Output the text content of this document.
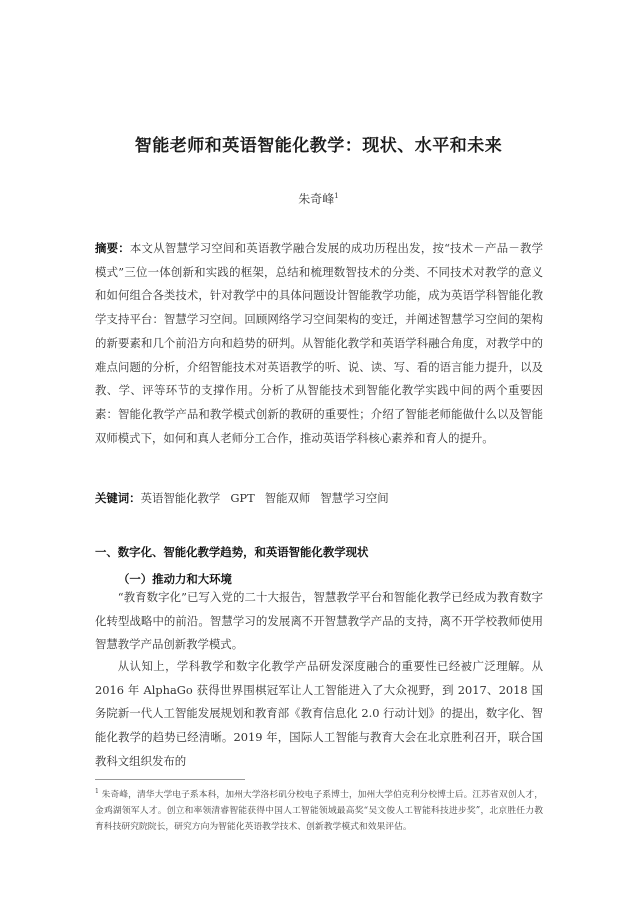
智能老师和英语智能化教学：现状、水平和未来
朱奇峰$^1$
摘要：本文从智慧学习空间和英语教学融合发展的成功历程出发，按“技术－产品－教学模式”三位一体创新和实践的框架，总结和梳理数智技术的分类、不同技术对教学的意义和如何组合各类技术，针对教学中的具体问题设计智能教学功能，成为英语学科智能化教学支持平台：智慧学习空间。回顾网络学习空间架构的变迁，并阐述智慧学习空间的架构的新要素和几个前沿方向和趋势的研判。从智能化教学和英语学科融合角度，对教学中的难点问题的分析，介绍智能技术对英语教学的听、说、读、写、看的语言能力提升，以及教、学、评等环节的支撑作用。分析了从智能技术到智能化教学实践中间的两个重要因素：智能化教学产品和教学模式创新的教研的重要性；介绍了智能老师能做什么以及智能双师模式下，如何和真人老师分工合作，推动英语学科核心素养和育人的提升。
关键词：英语智能化教学 GPT 智能双师 智慧学习空间
一、数字化、智能化教学趋势，和英语智能化教学现状
（一）推动力和大环境
“教育数字化”已写入党的二十大报告，智慧教学平台和智能化教学已经成为教育数字化转型战略中的前沿。智慧学习的发展离不开智慧教学产品的支持，离不开学校教师使用智慧教学产品创新教学模式。
从认知上，学科教学和数字化教学产品研发深度融合的重要性已经被广泛理解。从 2016 年 AlphaGo 获得世界围棋冠军让人工智能进入了大众视野，到 2017、2018 国务院新一代人工智能发展规划和教育部《教育信息化 2.0 行动计划》的提出，数字化、智能化教学的趋势已经清晰。2019 年，国际人工智能与教育大会在北京胜利召开，联合国教科文组织发布的
$^1$ 朱奇峰，清华大学电子系本科，加州大学洛杉矶分校电子系博士，加州大学伯克利分校博士后。江苏省双创人才，金鸡湖领军人才。创立和率领清睿智能获得中国人工智能领域最高奖“吴文俊人工智能科技进步奖”，北京胜任力教育科技研究院院长，研究方向为智能化英语教学技术、创新教学模式和效果评估。
